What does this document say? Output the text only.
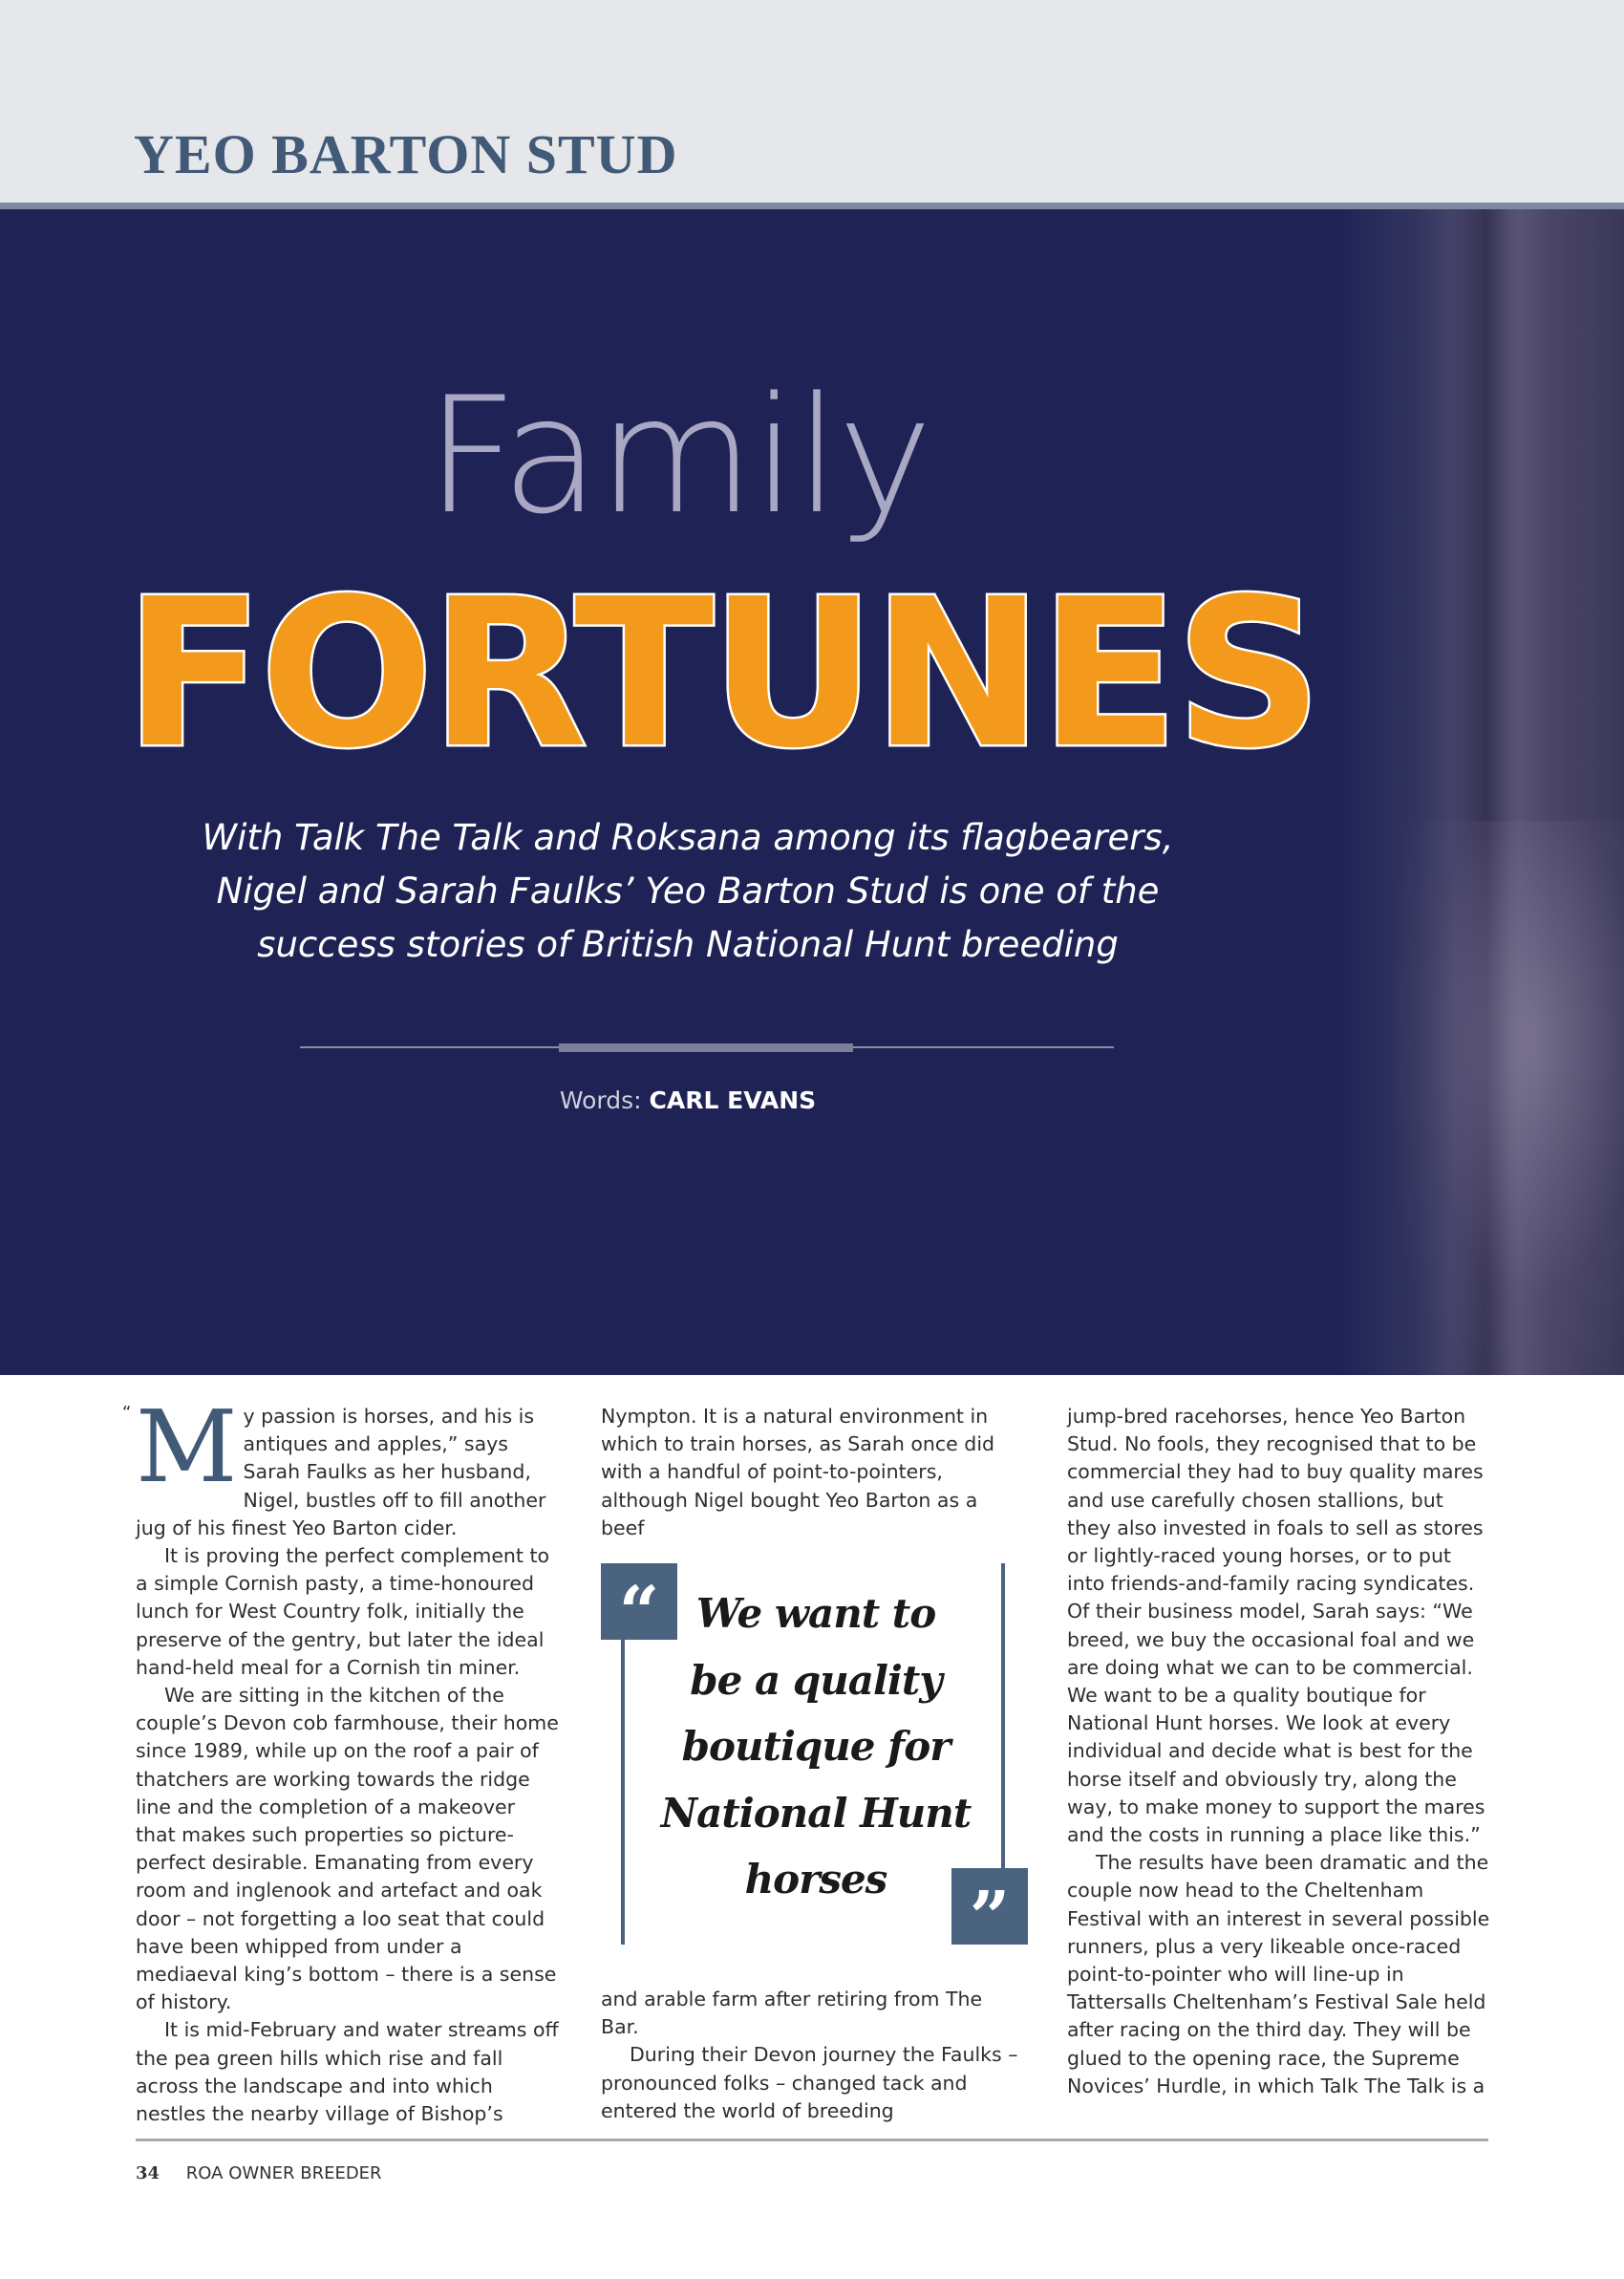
YEO BARTON STUD
Family
FORTUNES
With Talk The Talk and Roksana among its flagbearers,
Nigel and Sarah Faulks’ Yeo Barton Stud is one of the
success stories of British National Hunt breeding
Words: CARL EVANS
“ My passion is horses, and his is antiques and apples,” says Sarah Faulks as her husband, Nigel, bustles off to fill another jug of his finest Yeo Barton cider.

It is proving the perfect complement to a simple Cornish pasty, a time-honoured lunch for West Country folk, initially the preserve of the gentry, but later the ideal hand-held meal for a Cornish tin miner.

We are sitting in the kitchen of the couple’s Devon cob farmhouse, their home since 1989, while up on the roof a pair of thatchers are working towards the ridge line and the completion of a makeover that makes such properties so picture-perfect desirable. Emanating from every room and inglenook and artefact and oak door – not forgetting a loo seat that could have been whipped from under a mediaeval king’s bottom – there is a sense of history.

It is mid-February and water streams off the pea green hills which rise and fall across the landscape and into which nestles the nearby village of Bishop’s

Nympton. It is a natural environment in which to train horses, as Sarah once did with a handful of point-to-pointers, although Nigel bought Yeo Barton as a beef

“ We want to
be a quality
boutique for
National Hunt
horses	”

and arable farm after retiring from The Bar.

During their Devon journey the Faulks – pronounced folks – changed tack and entered the world of breeding

jump-bred racehorses, hence Yeo Barton Stud. No fools, they recognised that to be commercial they had to buy quality mares and use carefully chosen stallions, but they also invested in foals to sell as stores or lightly-raced young horses, or to put into friends-and-family racing syndicates. Of their business model, Sarah says: “We breed, we buy the occasional foal and we are doing what we can to be commercial. We want to be a quality boutique for National Hunt horses. We look at every individual and decide what is best for the horse itself and obviously try, along the way, to make money to support the mares and the costs in running a place like this.”

The results have been dramatic and the couple now head to the Cheltenham Festival with an interest in several possible runners, plus a very likeable once-raced point-to-pointer who will line-up in Tattersalls Cheltenham’s Festival Sale held after racing on the third day. They will be glued to the opening race, the Supreme Novices’ Hurdle, in which Talk The Talk is a

34 ROA OWNER BREEDER
